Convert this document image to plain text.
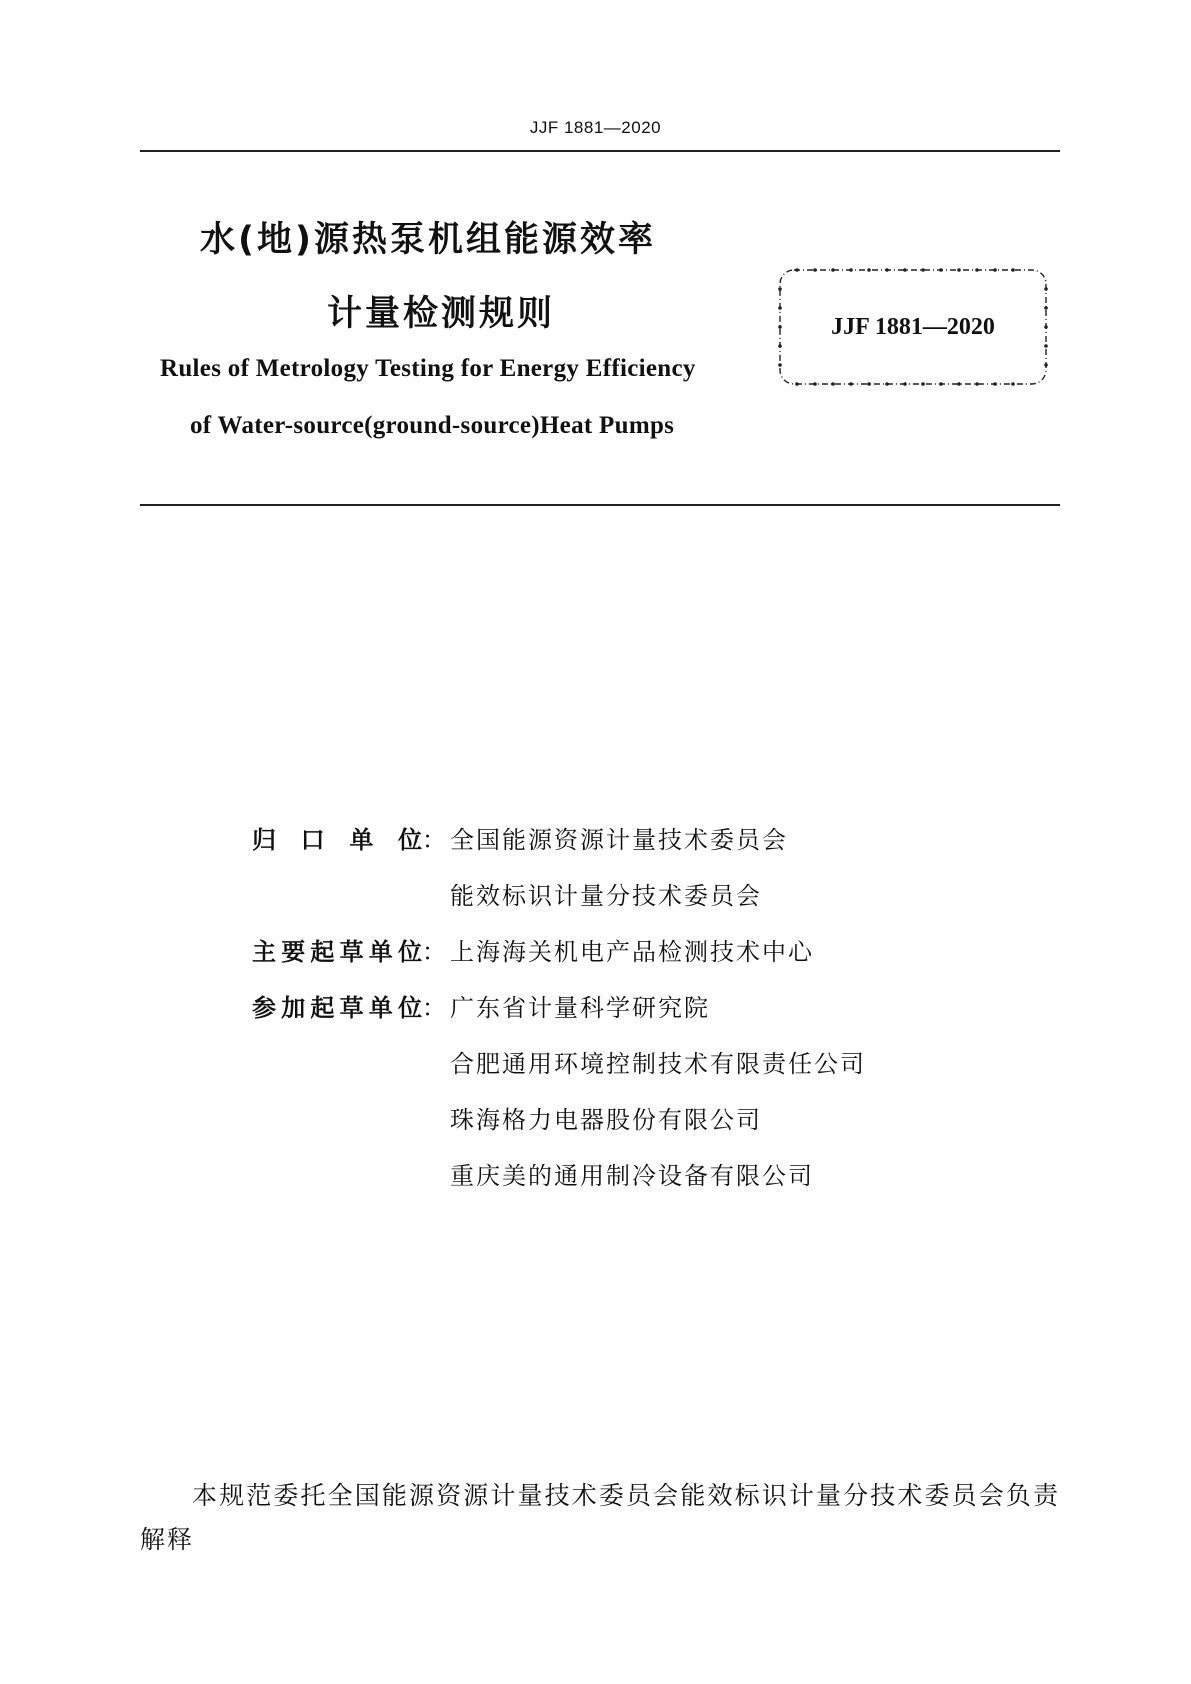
JJF 1881—2020
水(地)源热泵机组能源效率
计量检测规则
Rules of Metrology Testing for Energy Efficiency
of Water-source(ground-source)Heat Pumps
JJF 1881—2020
归 口 单 位 ： 全国能源资源计量技术委员会
能效标识计量分技术委员会
主 要 起 草 单 位 ： 上海海关机电产品检测技术中心
参 加 起 草 单 位 ： 广东省计量科学研究院
合肥通用环境控制技术有限责任公司
珠海格力电器股份有限公司
重庆美的通用制冷设备有限公司
本规范委托全国能源资源计量技术委员会能效标识计量分技术委员会负责解释
